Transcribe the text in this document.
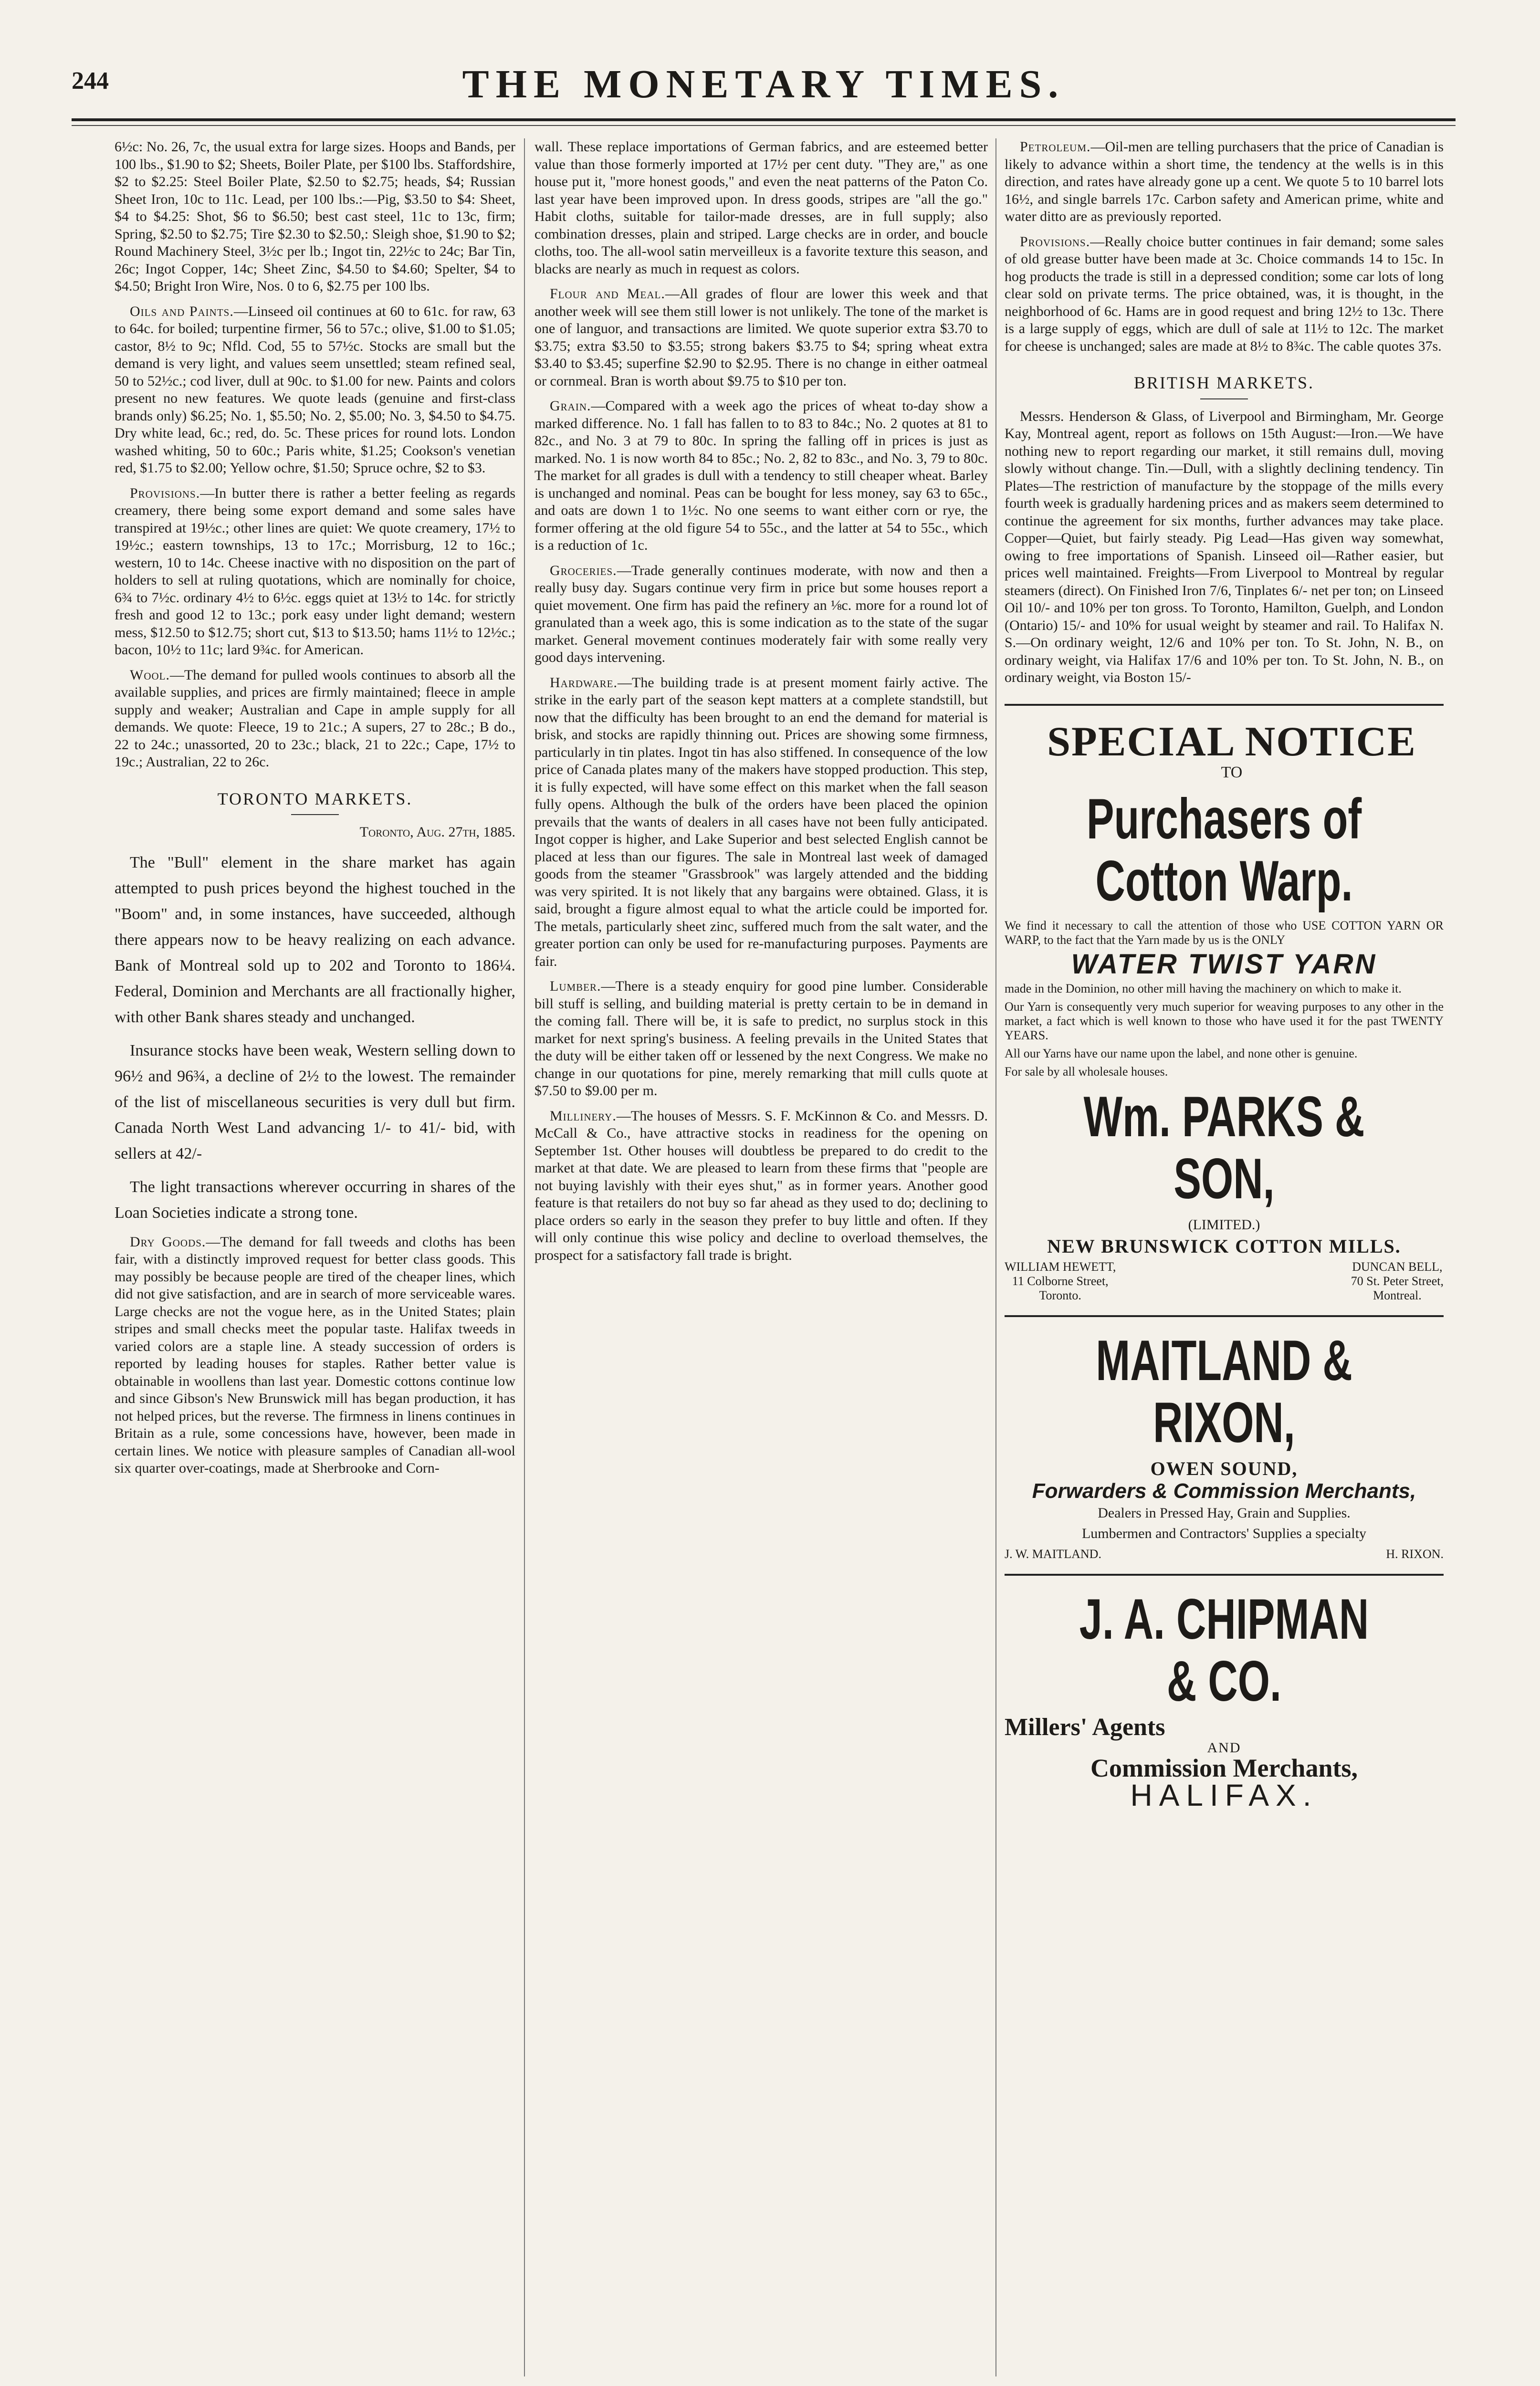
244	THE MONETARY TIMES.

6½c: No. 26, 7c, the usual extra for large sizes. Hoops and Bands, per 100 lbs., $1.90 to $2; Sheets, Boiler Plate, per $100 lbs. Staffordshire, $2 to $2.25: Steel Boiler Plate, $2.50 to $2.75; heads, $4; Russian Sheet Iron, 10c to 11c. Lead, per 100 lbs.:—Pig, $3.50 to $4: Sheet, $4 to $4.25: Shot, $6 to $6.50; best cast steel, 11c to 13c, firm; Spring, $2.50 to $2.75; Tire $2.30 to $2.50,: Sleigh shoe, $1.90 to $2; Round Machinery Steel, 3½c per lb.; Ingot tin, 22½c to 24c; Bar Tin, 26c; Ingot Copper, 14c; Sheet Zinc, $4.50 to $4.60; Spelter, $4 to $4.50; Bright Iron Wire, Nos. 0 to 6, $2.75 per 100 lbs.

Oils and Paints.—Linseed oil continues at 60 to 61c. for raw, 63 to 64c. for boiled; turpentine firmer, 56 to 57c.; olive, $1.00 to $1.05; castor, 8½ to 9c; Nfld. Cod, 55 to 57½c. Stocks are small but the demand is very light, and values seem unsettled; steam refined seal, 50 to 52½c.; cod liver, dull at 90c. to $1.00 for new. Paints and colors present no new features. We quote leads (genuine and first-class brands only) $6.25; No. 1, $5.50; No. 2, $5.00; No. 3, $4.50 to $4.75. Dry white lead, 6c.; red, do. 5c. These prices for round lots. London washed whiting, 50 to 60c.; Paris white, $1.25; Cookson's venetian red, $1.75 to $2.00; Yellow ochre, $1.50; Spruce ochre, $2 to $3.

Provisions.—In butter there is rather a better feeling as regards creamery, there being some export demand and some sales have transpired at 19½c.; other lines are quiet: We quote creamery, 17½ to 19½c.; eastern townships, 13 to 17c.; Morrisburg, 12 to 16c.; western, 10 to 14c. Cheese inactive with no disposition on the part of holders to sell at ruling quotations, which are nominally for choice, 6¾ to 7½c. ordinary 4½ to 6½c. eggs quiet at 13½ to 14c. for strictly fresh and good 12 to 13c.; pork easy under light demand; western mess, $12.50 to $12.75; short cut, $13 to $13.50; hams 11½ to 12½c.; bacon, 10½ to 11c; lard 9¾c. for American.

Wool.—The demand for pulled wools continues to absorb all the available supplies, and prices are firmly maintained; fleece in ample supply and weaker; Australian and Cape in ample supply for all demands. We quote: Fleece, 19 to 21c.; A supers, 27 to 28c.; B do., 22 to 24c.; unassorted, 20 to 23c.; black, 21 to 22c.; Cape, 17½ to 19c.; Australian, 22 to 26c.

TORONTO MARKETS.

Toronto, Aug. 27th, 1885.

The "Bull" element in the share market has again attempted to push prices beyond the highest touched in the "Boom" and, in some instances, have succeeded, although there appears now to be heavy realizing on each advance. Bank of Montreal sold up to 202 and Toronto to 186¼. Federal, Dominion and Merchants are all fractionally higher, with other Bank shares steady and unchanged.

Insurance stocks have been weak, Western selling down to 96½ and 96¾, a decline of 2½ to the lowest. The remainder of the list of miscellaneous securities is very dull but firm. Canada North West Land advancing 1/- to 41/- bid, with sellers at 42/-

The light transactions wherever occurring in shares of the Loan Societies indicate a strong tone.

Dry Goods.—The demand for fall tweeds and cloths has been fair, with a distinctly improved request for better class goods. This may possibly be because people are tired of the cheaper lines, which did not give satisfaction, and are in search of more serviceable wares. Large checks are not the vogue here, as in the United States; plain stripes and small checks meet the popular taste. Halifax tweeds in varied colors are a staple line. A steady succession of orders is reported by leading houses for staples. Rather better value is obtainable in woollens than last year. Domestic cottons continue low and since Gibson's New Brunswick mill has began production, it has not helped prices, but the reverse. The firmness in linens continues in Britain as a rule, some concessions have, however, been made in certain lines. We notice with pleasure samples of Canadian all-wool six quarter over-coatings, made at Sherbrooke and Corn-

wall. These replace importations of German fabrics, and are esteemed better value than those formerly imported at 17½ per cent duty. "They are," as one house put it, "more honest goods," and even the neat patterns of the Paton Co. last year have been improved upon. In dress goods, stripes are "all the go." Habit cloths, suitable for tailor-made dresses, are in full supply; also combination dresses, plain and striped. Large checks are in order, and boucle cloths, too. The all-wool satin merveilleux is a favorite texture this season, and blacks are nearly as much in request as colors.

Flour and Meal.—All grades of flour are lower this week and that another week will see them still lower is not unlikely. The tone of the market is one of languor, and transactions are limited. We quote superior extra $3.70 to $3.75; extra $3.50 to $3.55; strong bakers $3.75 to $4; spring wheat extra $3.40 to $3.45; superfine $2.90 to $2.95. There is no change in either oatmeal or cornmeal. Bran is worth about $9.75 to $10 per ton.

Grain.—Compared with a week ago the prices of wheat to-day show a marked difference. No. 1 fall has fallen to to 83 to 84c.; No. 2 quotes at 81 to 82c., and No. 3 at 79 to 80c. In spring the falling off in prices is just as marked. No. 1 is now worth 84 to 85c.; No. 2, 82 to 83c., and No. 3, 79 to 80c. The market for all grades is dull with a tendency to still cheaper wheat. Barley is unchanged and nominal. Peas can be bought for less money, say 63 to 65c., and oats are down 1 to 1½c. No one seems to want either corn or rye, the former offering at the old figure 54 to 55c., and the latter at 54 to 55c., which is a reduction of 1c.

Groceries.—Trade generally continues moderate, with now and then a really busy day. Sugars continue very firm in price but some houses report a quiet movement. One firm has paid the refinery an ⅛c. more for a round lot of granulated than a week ago, this is some indication as to the state of the sugar market. General movement continues moderately fair with some really very good days intervening.

Hardware.—The building trade is at present moment fairly active. The strike in the early part of the season kept matters at a complete standstill, but now that the difficulty has been brought to an end the demand for material is brisk, and stocks are rapidly thinning out. Prices are showing some firmness, particularly in tin plates. Ingot tin has also stiffened. In consequence of the low price of Canada plates many of the makers have stopped production. This step, it is fully expected, will have some effect on this market when the fall season fully opens. Although the bulk of the orders have been placed the opinion prevails that the wants of dealers in all cases have not been fully anticipated. Ingot copper is higher, and Lake Superior and best selected English cannot be placed at less than our figures. The sale in Montreal last week of damaged goods from the steamer "Grassbrook" was largely attended and the bidding was very spirited. It is not likely that any bargains were obtained. Glass, it is said, brought a figure almost equal to what the article could be imported for. The metals, particularly sheet zinc, suffered much from the salt water, and the greater portion can only be used for re-manufacturing purposes. Payments are fair.

Lumber.—There is a steady enquiry for good pine lumber. Considerable bill stuff is selling, and building material is pretty certain to be in demand in the coming fall. There will be, it is safe to predict, no surplus stock in this market for next spring's business. A feeling prevails in the United States that the duty will be either taken off or lessened by the next Congress. We make no change in our quotations for pine, merely remarking that mill culls quote at $7.50 to $9.00 per m.

Millinery.—The houses of Messrs. S. F. McKinnon & Co. and Messrs. D. McCall & Co., have attractive stocks in readiness for the opening on September 1st. Other houses will doubtless be prepared to do credit to the market at that date. We are pleased to learn from these firms that "people are not buying lavishly with their eyes shut," as in former years. Another good feature is that retailers do not buy so far ahead as they used to do; declining to place orders so early in the season they prefer to buy little and often. If they will only continue this wise policy and decline to overload themselves, the prospect for a satisfactory fall trade is bright.

Petroleum.—Oil-men are telling purchasers that the price of Canadian is likely to advance within a short time, the tendency at the wells is in this direction, and rates have already gone up a cent. We quote 5 to 10 barrel lots 16½, and single barrels 17c. Carbon safety and American prime, white and water ditto are as previously reported.

Provisions.—Really choice butter continues in fair demand; some sales of old grease butter have been made at 3c. Choice commands 14 to 15c. In hog products the trade is still in a depressed condition; some car lots of long clear sold on private terms. The price obtained, was, it is thought, in the neighborhood of 6c. Hams are in good request and bring 12½ to 13c. There is a large supply of eggs, which are dull of sale at 11½ to 12c. The market for cheese is unchanged; sales are made at 8½ to 8¾c. The cable quotes 37s.

BRITISH MARKETS.

Messrs. Henderson & Glass, of Liverpool and Birmingham, Mr. George Kay, Montreal agent, report as follows on 15th August:—Iron.—We have nothing new to report regarding our market, it still remains dull, moving slowly without change. Tin.—Dull, with a slightly declining tendency. Tin Plates—The restriction of manufacture by the stoppage of the mills every fourth week is gradually hardening prices and as makers seem determined to continue the agreement for six months, further advances may take place. Copper—Quiet, but fairly steady. Pig Lead—Has given way somewhat, owing to free importations of Spanish. Linseed oil—Rather easier, but prices well maintained. Freights—From Liverpool to Montreal by regular steamers (direct). On Finished Iron 7/6, Tinplates 6/- net per ton; on Linseed Oil 10/- and 10% per ton gross. To Toronto, Hamilton, Guelph, and London (Ontario) 15/- and 10% for usual weight by steamer and rail. To Halifax N. S.—On ordinary weight, 12/6 and 10% per ton. To St. John, N. B., on ordinary weight, via Halifax 17/6 and 10% per ton. To St. John, N. B., on ordinary weight, via Boston 15/-

SPECIAL NOTICE

TO

Purchasers of Cotton Warp.

We find it necessary to call the attention of those who USE COTTON YARN OR WARP, to the fact that the Yarn made by us is the ONLY

WATER TWIST YARN

made in the Dominion, no other mill having the machinery on which to make it.

Our Yarn is consequently very much superior for weaving purposes to any other in the market, a fact which is well known to those who have used it for the past TWENTY YEARS.

All our Yarns have our name upon the label, and none other is genuine.

For sale by all wholesale houses.

Wm. PARKS & SON,

(LIMITED.)

NEW BRUNSWICK COTTON MILLS.
WILLIAM HEWETT,
11 Colborne Street,
Toronto.
DUNCAN BELL,
70 St. Peter Street,
Montreal.
MAITLAND & RIXON,
OWEN SOUND,
Forwarders & Commission Merchants,

Dealers in Pressed Hay, Grain and Supplies.

Lumbermen and Contractors' Supplies a specialty

J. W. MAITLAND.	H. RIXON.
J. A. CHIPMAN & CO.
Millers' Agents
AND
Commission Merchants,
HALIFAX.
